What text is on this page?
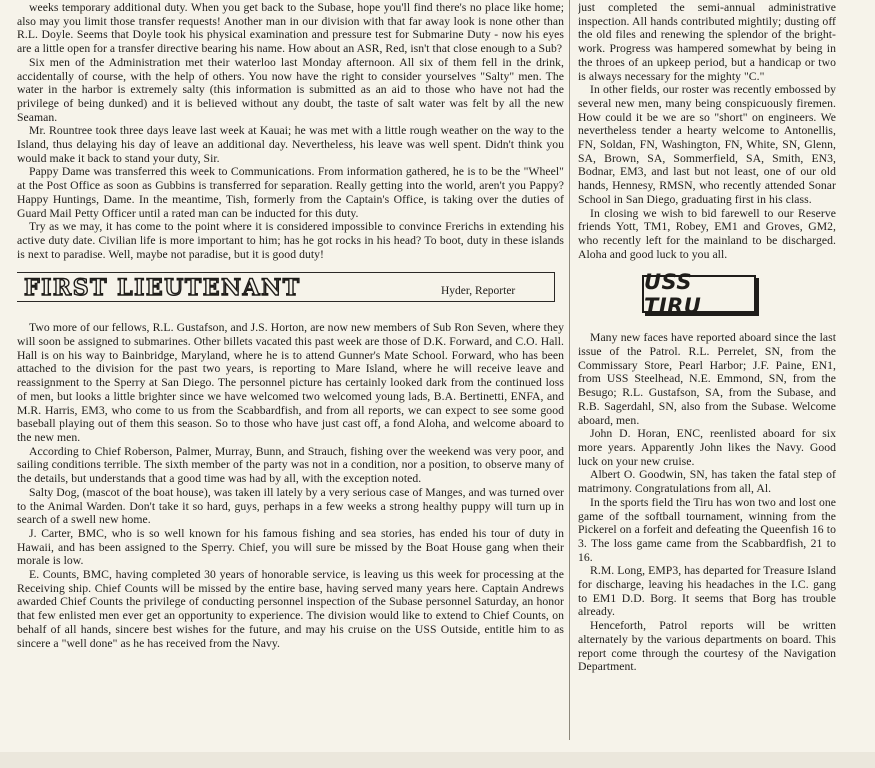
weeks temporary additional duty. When you get back to the Subase, hope you'll find there's no place like home; also may you limit those transfer requests! Another man in our division with that far away look is none other than R.L. Doyle. Seems that Doyle took his physical examination and pressure test for Submarine Duty - now his eyes are a little open for a transfer directive bearing his name. How about an ASR, Red, isn't that close enough to a Sub?

Six men of the Administration met their waterloo last Monday afternoon. All six of them fell in the drink, accidentally of course, with the help of others. You now have the right to consider yourselves "Salty" men. The water in the harbor is extremely salty (this information is submitted as an aid to those who have not had the privilege of being dunked) and it is believed without any doubt, the taste of salt water was felt by all the new Seaman.

Mr. Rountree took three days leave last week at Kauai; he was met with a little rough weather on the way to the Island, thus delaying his day of leave an additional day. Nevertheless, his leave was well spent. Didn't think you would make it back to stand your duty, Sir.

Pappy Dame was transferred this week to Communications. From information gathered, he is to be the "Wheel" at the Post Office as soon as Gubbins is transferred for separation. Really getting into the world, aren't you Pappy? Happy Huntings, Dame. In the meantime, Tish, formerly from the Captain's Office, is taking over the duties of Guard Mail Petty Officer until a rated man can be inducted for this duty.

Try as we may, it has come to the point where it is considered impossible to convince Frerichs in extending his active duty date. Civilian life is more important to him; has he got rocks in his head? To boot, duty in these islands is next to paradise. Well, maybe not paradise, but it is good duty!

FIRST LIEUTENANT	Hyder, Reporter

Two more of our fellows, R.L. Gustafson, and J.S. Horton, are now new members of Sub Ron Seven, where they will soon be assigned to submarines. Other billets vacated this past week are those of D.K. Forward, and C.O. Hall. Hall is on his way to Bainbridge, Maryland, where he is to attend Gunner's Mate School. Forward, who has been attached to the division for the past two years, is reporting to Mare Island, where he will receive leave and reassignment to the Sperry at San Diego. The personnel picture has certainly looked dark from the continued loss of men, but looks a little brighter since we have welcomed two welcomed young lads, B.A. Bertinetti, ENFA, and M.R. Harris, EM3, who come to us from the Scabbardfish, and from all reports, we can expect to see some good baseball playing out of them this season. So to those who have just cast off, a fond Aloha, and welcome aboard to the new men.

According to Chief Roberson, Palmer, Murray, Bunn, and Strauch, fishing over the weekend was very poor, and sailing conditions terrible. The sixth member of the party was not in a condition, nor a position, to observe many of the details, but understands that a good time was had by all, with the exception noted.

Salty Dog, (mascot of the boat house), was taken ill lately by a very serious case of Manges, and was turned over to the Animal Warden. Don't take it so hard, guys, perhaps in a few weeks a strong healthy puppy will turn up in search of a swell new home.

J. Carter, BMC, who is so well known for his famous fishing and sea stories, has ended his tour of duty in Hawaii, and has been assigned to the Sperry. Chief, you will sure be missed by the Boat House gang when their morale is low.

E. Counts, BMC, having completed 30 years of honorable service, is leaving us this week for processing at the Receiving ship. Chief Counts will be missed by the entire base, having served many years here. Captain Andrews awarded Chief Counts the privilege of conducting personnel inspection of the Subase personnel Saturday, an honor that few enlisted men ever get an opportunity to experience. The division would like to extend to Chief Counts, on behalf of all hands, sincere best wishes for the future, and may his cruise on the USS Outside, entitle him to as sincere a "well done" as he has received from the Navy.

just completed the semi-annual administrative inspection. All hands contributed mightily; dusting off the old files and renewing the splendor of the bright-work. Progress was hampered somewhat by being in the throes of an upkeep period, but a handicap or two is always necessary for the mighty "C."

In other fields, our roster was recently embossed by several new men, many being conspicuously firemen. How could it be we are so "short" on engineers. We nevertheless tender a hearty welcome to Antonellis, FN, Soldan, FN, Washington, FN, White, SN, Glenn, SA, Brown, SA, Sommerfield, SA, Smith, EN3, Bodnar, EM3, and last but not least, one of our old hands, Hennesy, RMSN, who recently attended Sonar School in San Diego, graduating first in his class.

In closing we wish to bid farewell to our Reserve friends Yott, TM1, Robey, EM1 and Groves, GM2, who recently left for the mainland to be discharged. Aloha and good luck to you all.

USS TIRU

Many new faces have reported aboard since the last issue of the Patrol. R.L. Perrelet, SN, from the Commissary Store, Pearl Harbor; J.F. Paine, EN1, from USS Steelhead, N.E. Emmond, SN, from the Besugo; R.L. Gustafson, SA, from the Subase, and R.B. Sagerdahl, SN, also from the Subase. Welcome aboard, men.

John D. Horan, ENC, reenlisted aboard for six more years. Apparently John likes the Navy. Good luck on your new cruise.

Albert O. Goodwin, SN, has taken the fatal step of matrimony. Congratulations from all, Al.

In the sports field the Tiru has won two and lost one game of the softball tournament, winning from the Pickerel on a forfeit and defeating the Queenfish 16 to 3. The loss game came from the Scabbardfish, 21 to 16.

R.M. Long, EMP3, has departed for Treasure Island for discharge, leaving his headaches in the I.C. gang to EM1 D.D. Borg. It seems that Borg has trouble already.

Henceforth, Patrol reports will be written alternately by the various departments on board. This report come through the courtesy of the Navigation Department.
